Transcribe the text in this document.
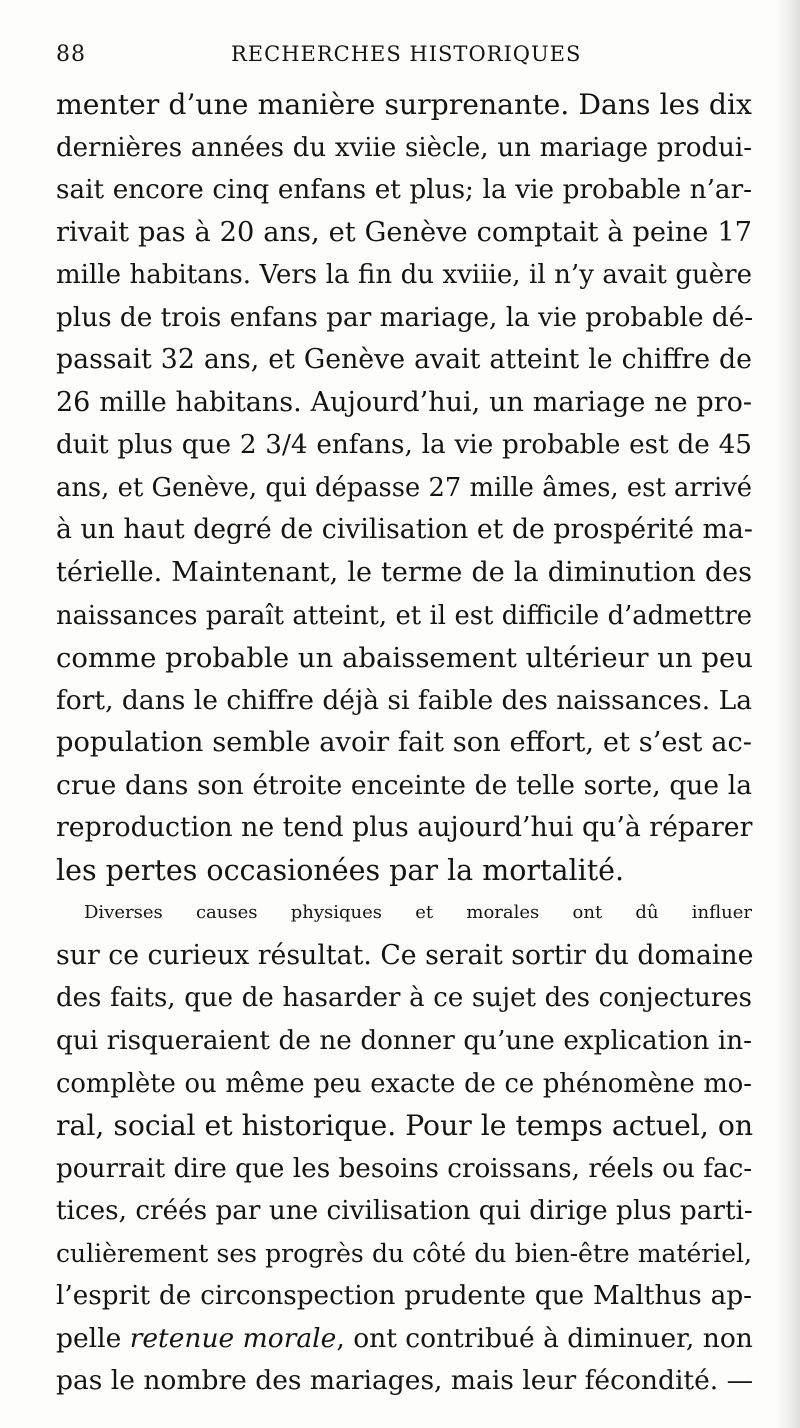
88	RECHERCHES HISTORIQUES
menter d’une manière surprenante. Dans les dix
dernières années du xviie siècle, un mariage produi-
sait encore cinq enfans et plus; la vie probable n’ar-
rivait pas à 20 ans, et Genève comptait à peine 17
mille habitans. Vers la fin du xviiie, il n’y avait guère
plus de trois enfans par mariage, la vie probable dé-
passait 32 ans, et Genève avait atteint le chiffre de
26 mille habitans. Aujourd’hui, un mariage ne pro-
duit plus que 2 3/4 enfans, la vie probable est de 45
ans, et Genève, qui dépasse 27 mille âmes, est arrivé
à un haut degré de civilisation et de prospérité ma-
térielle. Maintenant, le terme de la diminution des
naissances paraît atteint, et il est difficile d’admettre
comme probable un abaissement ultérieur un peu
fort, dans le chiffre déjà si faible des naissances. La
population semble avoir fait son effort, et s’est ac-
crue dans son étroite enceinte de telle sorte, que la
reproduction ne tend plus aujourd’hui qu’à réparer
les pertes occasionées par la mortalité.
Diverses causes physiques et morales ont dû influer
sur ce curieux résultat. Ce serait sortir du domaine
des faits, que de hasarder à ce sujet des conjectures
qui risqueraient de ne donner qu’une explication in-
complète ou même peu exacte de ce phénomène mo-
ral, social et historique. Pour le temps actuel, on
pourrait dire que les besoins croissans, réels ou fac-
tices, créés par une civilisation qui dirige plus parti-
culièrement ses progrès du côté du bien-être matériel,
l’esprit de circonspection prudente que Malthus ap-
pelle retenue morale, ont contribué à diminuer, non
pas le nombre des mariages, mais leur fécondité. —
